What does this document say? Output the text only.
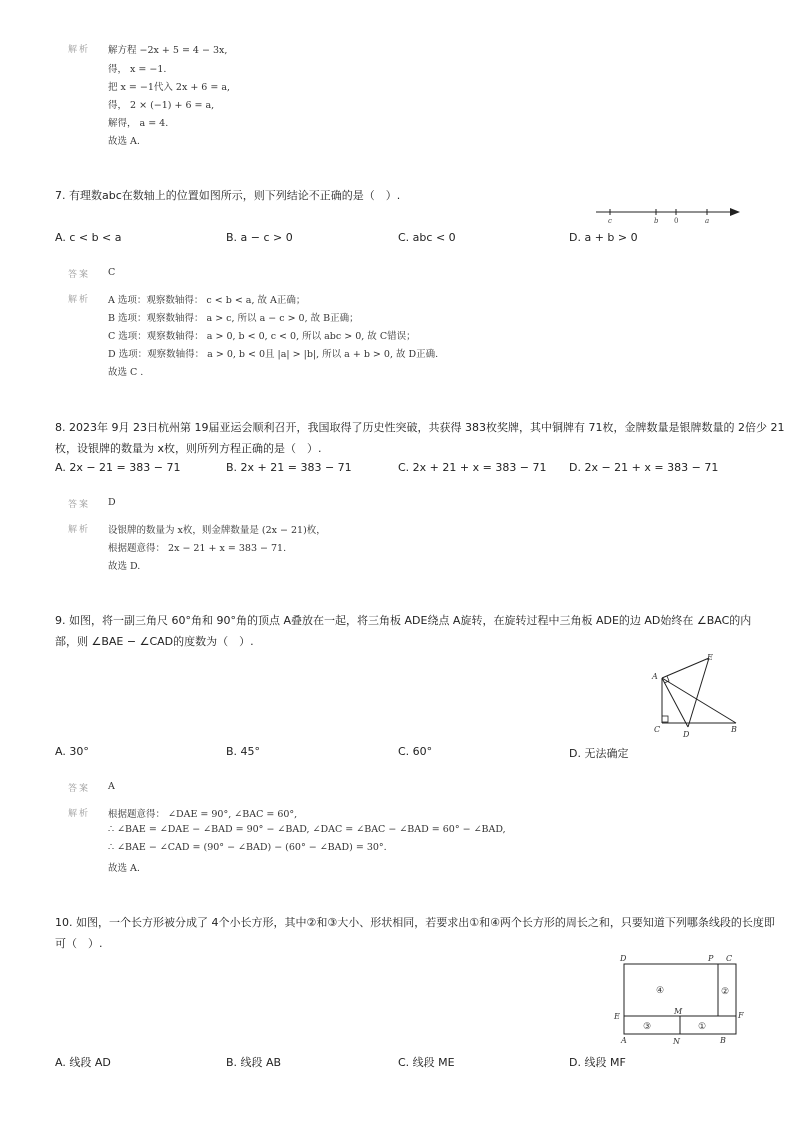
解析 解方程 −2x + 5 = 4 − 3x,
得， x = −1.
把 x = −1代入 2x + 6 = a,
得， 2 × (−1) + 6 = a,
解得， a = 4.
故选 A.
7. 有理数abc在数轴上的位置如图所示，则下列结论不正确的是（　）.
c	b 0	a
A. c < b < a	B. a − c > 0	C. abc < 0	D. a + b > 0
答案 C
解析 A 选项：观察数轴得： c < b < a, 故 A正确；
B 选项：观察数轴得： a > c, 所以 a − c > 0, 故 B正确；
C 选项：观察数轴得： a > 0, b < 0, c < 0, 所以 abc > 0, 故 C错误；
D 选项：观察数轴得： a > 0, b < 0且 |a| > |b|, 所以 a + b > 0, 故 D正确.
故选 C .
8. 2023年 9月 23日杭州第 19届亚运会顺利召开，我国取得了历史性突破，共获得 383枚奖牌，其中铜牌有 71枚，金牌数量是银牌数量的 2倍少 21
枚，设银牌的数量为 x枚，则所列方程正确的是（　）.
A. 2x − 21 = 383 − 71	B. 2x + 21 = 383 − 71	C. 2x + 21 + x = 383 − 71 D. 2x − 21 + x = 383 − 71
答案 D
解析 设银牌的数量为 x枚，则金牌数量是 (2x − 21)枚，
根据题意得： 2x − 21 + x = 383 − 71.
故选 D.
9. 如图，将一副三角尺 60°角和 90°角的顶点 A叠放在一起，将三角板 ADE绕点 A旋转，在旋转过程中三角板 ADE的边 AD始终在 ∠BAC的内
部，则 ∠BAE − ∠CAD的度数为（　）.
A
E
C
D
B
A. 30°	B. 45°	C. 60°	D. 无法确定
答案 A
解析 根据题意得： ∠DAE = 90°, ∠BAC = 60°,
∴ ∠BAE = ∠DAE − ∠BAD = 90° − ∠BAD, ∠DAC = ∠BAC − ∠BAD = 60° − ∠BAD,
∴ ∠BAE − ∠CAD = (90° − ∠BAD) − (60° − ∠BAD) = 30°.
故选 A.
10. 如图，一个长方形被分成了 4个小长方形，其中②和③大小、形状相同，若要求出①和④两个长方形的周长之和，只要知道下列哪条线段的长度即
可（　）.
D	P C
④	②
M
E	F
③	①
A	N	B
A. 线段 AD	B. 线段 AB	C. 线段 ME	D. 线段 MF
